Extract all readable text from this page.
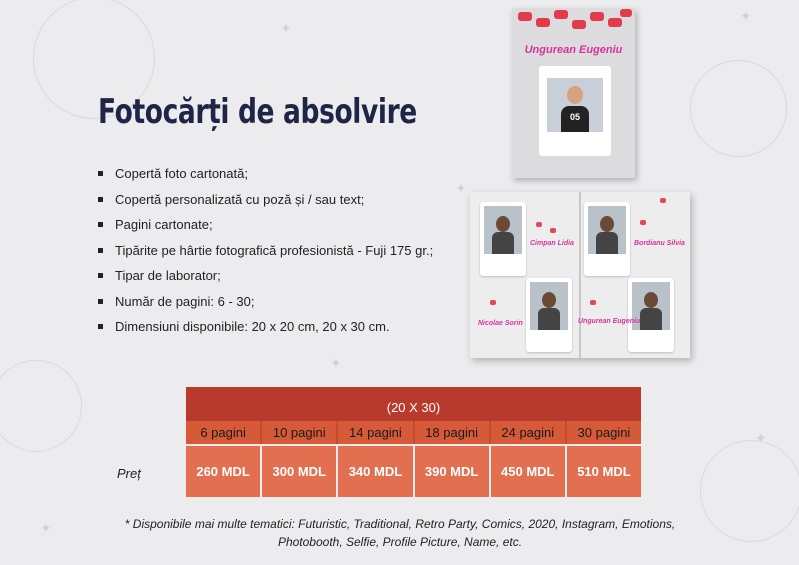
✦
✦
✦
✦
✦
✦
Fotocărți de absolvire
Copertă foto cartonată;
Copertă personalizată cu poză și / sau text;
Pagini cartonate;
Tipărite pe hârtie fotografică profesionistă - Fuji 175 gr.;
Tipar de laborator;
Număr de pagini: 6 - 30;
Dimensiuni disponibile: 20 x 20 cm, 20 x 30 cm.
Ungurean Eugeniu
05
Cimpan Lidia	Bordianu Silvia
Nicolae Sorin	Ungurean Eugeniu
(20 X 30)
6 pagini	10 pagini	14 pagini	18 pagini	24 pagini	30 pagini
Preț	260 MDL	300 MDL	340 MDL	390 MDL	450 MDL	510 MDL
* Disponibile mai multe tematici: Futuristic, Traditional, Retro Party, Comics, 2020, Instagram, Emotions,
Photobooth, Selfie, Profile Picture, Name, etc.
